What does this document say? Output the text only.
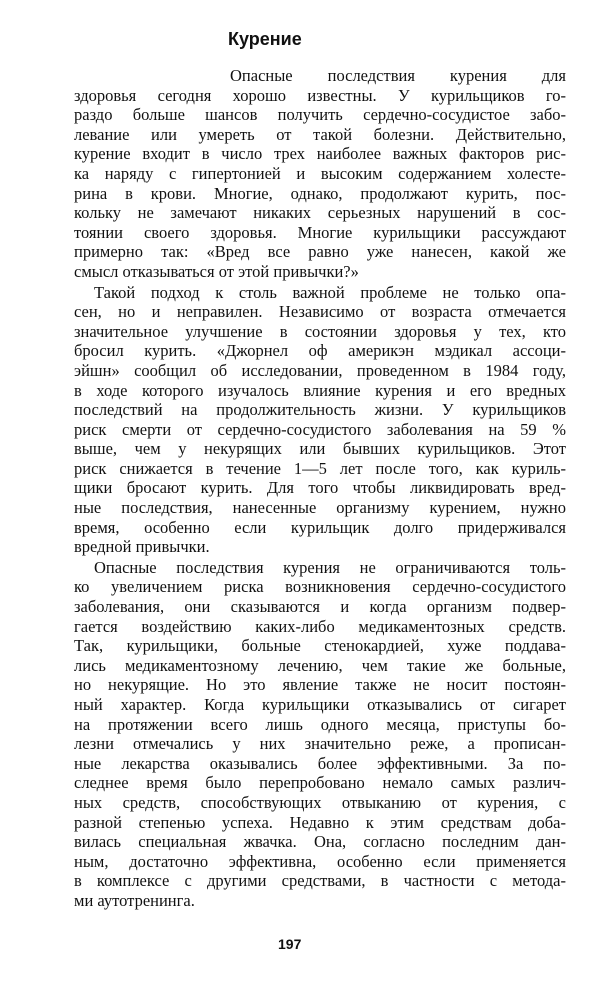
Курение
Опасные последствия курения для
здоровья сегодня хорошо известны. У курильщиков го-
раздо больше шансов получить сердечно-сосудистое забо-
левание или умереть от такой болезни. Действительно,
курение входит в число трех наиболее важных факторов рис-
ка наряду с гипертонией и высоким содержанием холесте-
рина в крови. Многие, однако, продолжают курить, пос-
кольку не замечают никаких серьезных нарушений в сос-
тоянии своего здоровья. Многие курильщики рассуждают
примерно так: «Вред все равно уже нанесен, какой же
смысл отказываться от этой привычки?»
Такой подход к столь важной проблеме не только опа-
сен, но и неправилен. Независимо от возраста отмечается
значительное улучшение в состоянии здоровья у тех, кто
бросил курить. «Джорнел оф америкэн мэдикал ассоци-
эйшн» сообщил об исследовании, проведенном в 1984 году,
в ходе которого изучалось влияние курения и его вредных
последствий на продолжительность жизни. У курильщиков
риск смерти от сердечно-сосудистого заболевания на 59 %
выше, чем у некурящих или бывших курильщиков. Этот
риск снижается в течение 1—5 лет после того, как куриль-
щики бросают курить. Для того чтобы ликвидировать вред-
ные последствия, нанесенные организму курением, нужно
время, особенно если курильщик долго придерживался
вредной привычки.
Опасные последствия курения не ограничиваются толь-
ко увеличением риска возникновения сердечно-сосудистого
заболевания, они сказываются и когда организм подвер-
гается воздействию каких-либо медикаментозных средств.
Так, курильщики, больные стенокардией, хуже поддава-
лись медикаментозному лечению, чем такие же больные,
но некурящие. Но это явление также не носит постоян-
ный характер. Когда курильщики отказывались от сигарет
на протяжении всего лишь одного месяца, приступы бо-
лезни отмечались у них значительно реже, а прописан-
ные лекарства оказывались более эффективными. За по-
следнее время было перепробовано немало самых различ-
ных средств, способствующих отвыканию от курения, с
разной степенью успеха. Недавно к этим средствам доба-
вилась специальная жвачка. Она, согласно последним дан-
ным, достаточно эффективна, особенно если применяется
в комплексе с другими средствами, в частности с метода-
ми аутотренинга.
197
